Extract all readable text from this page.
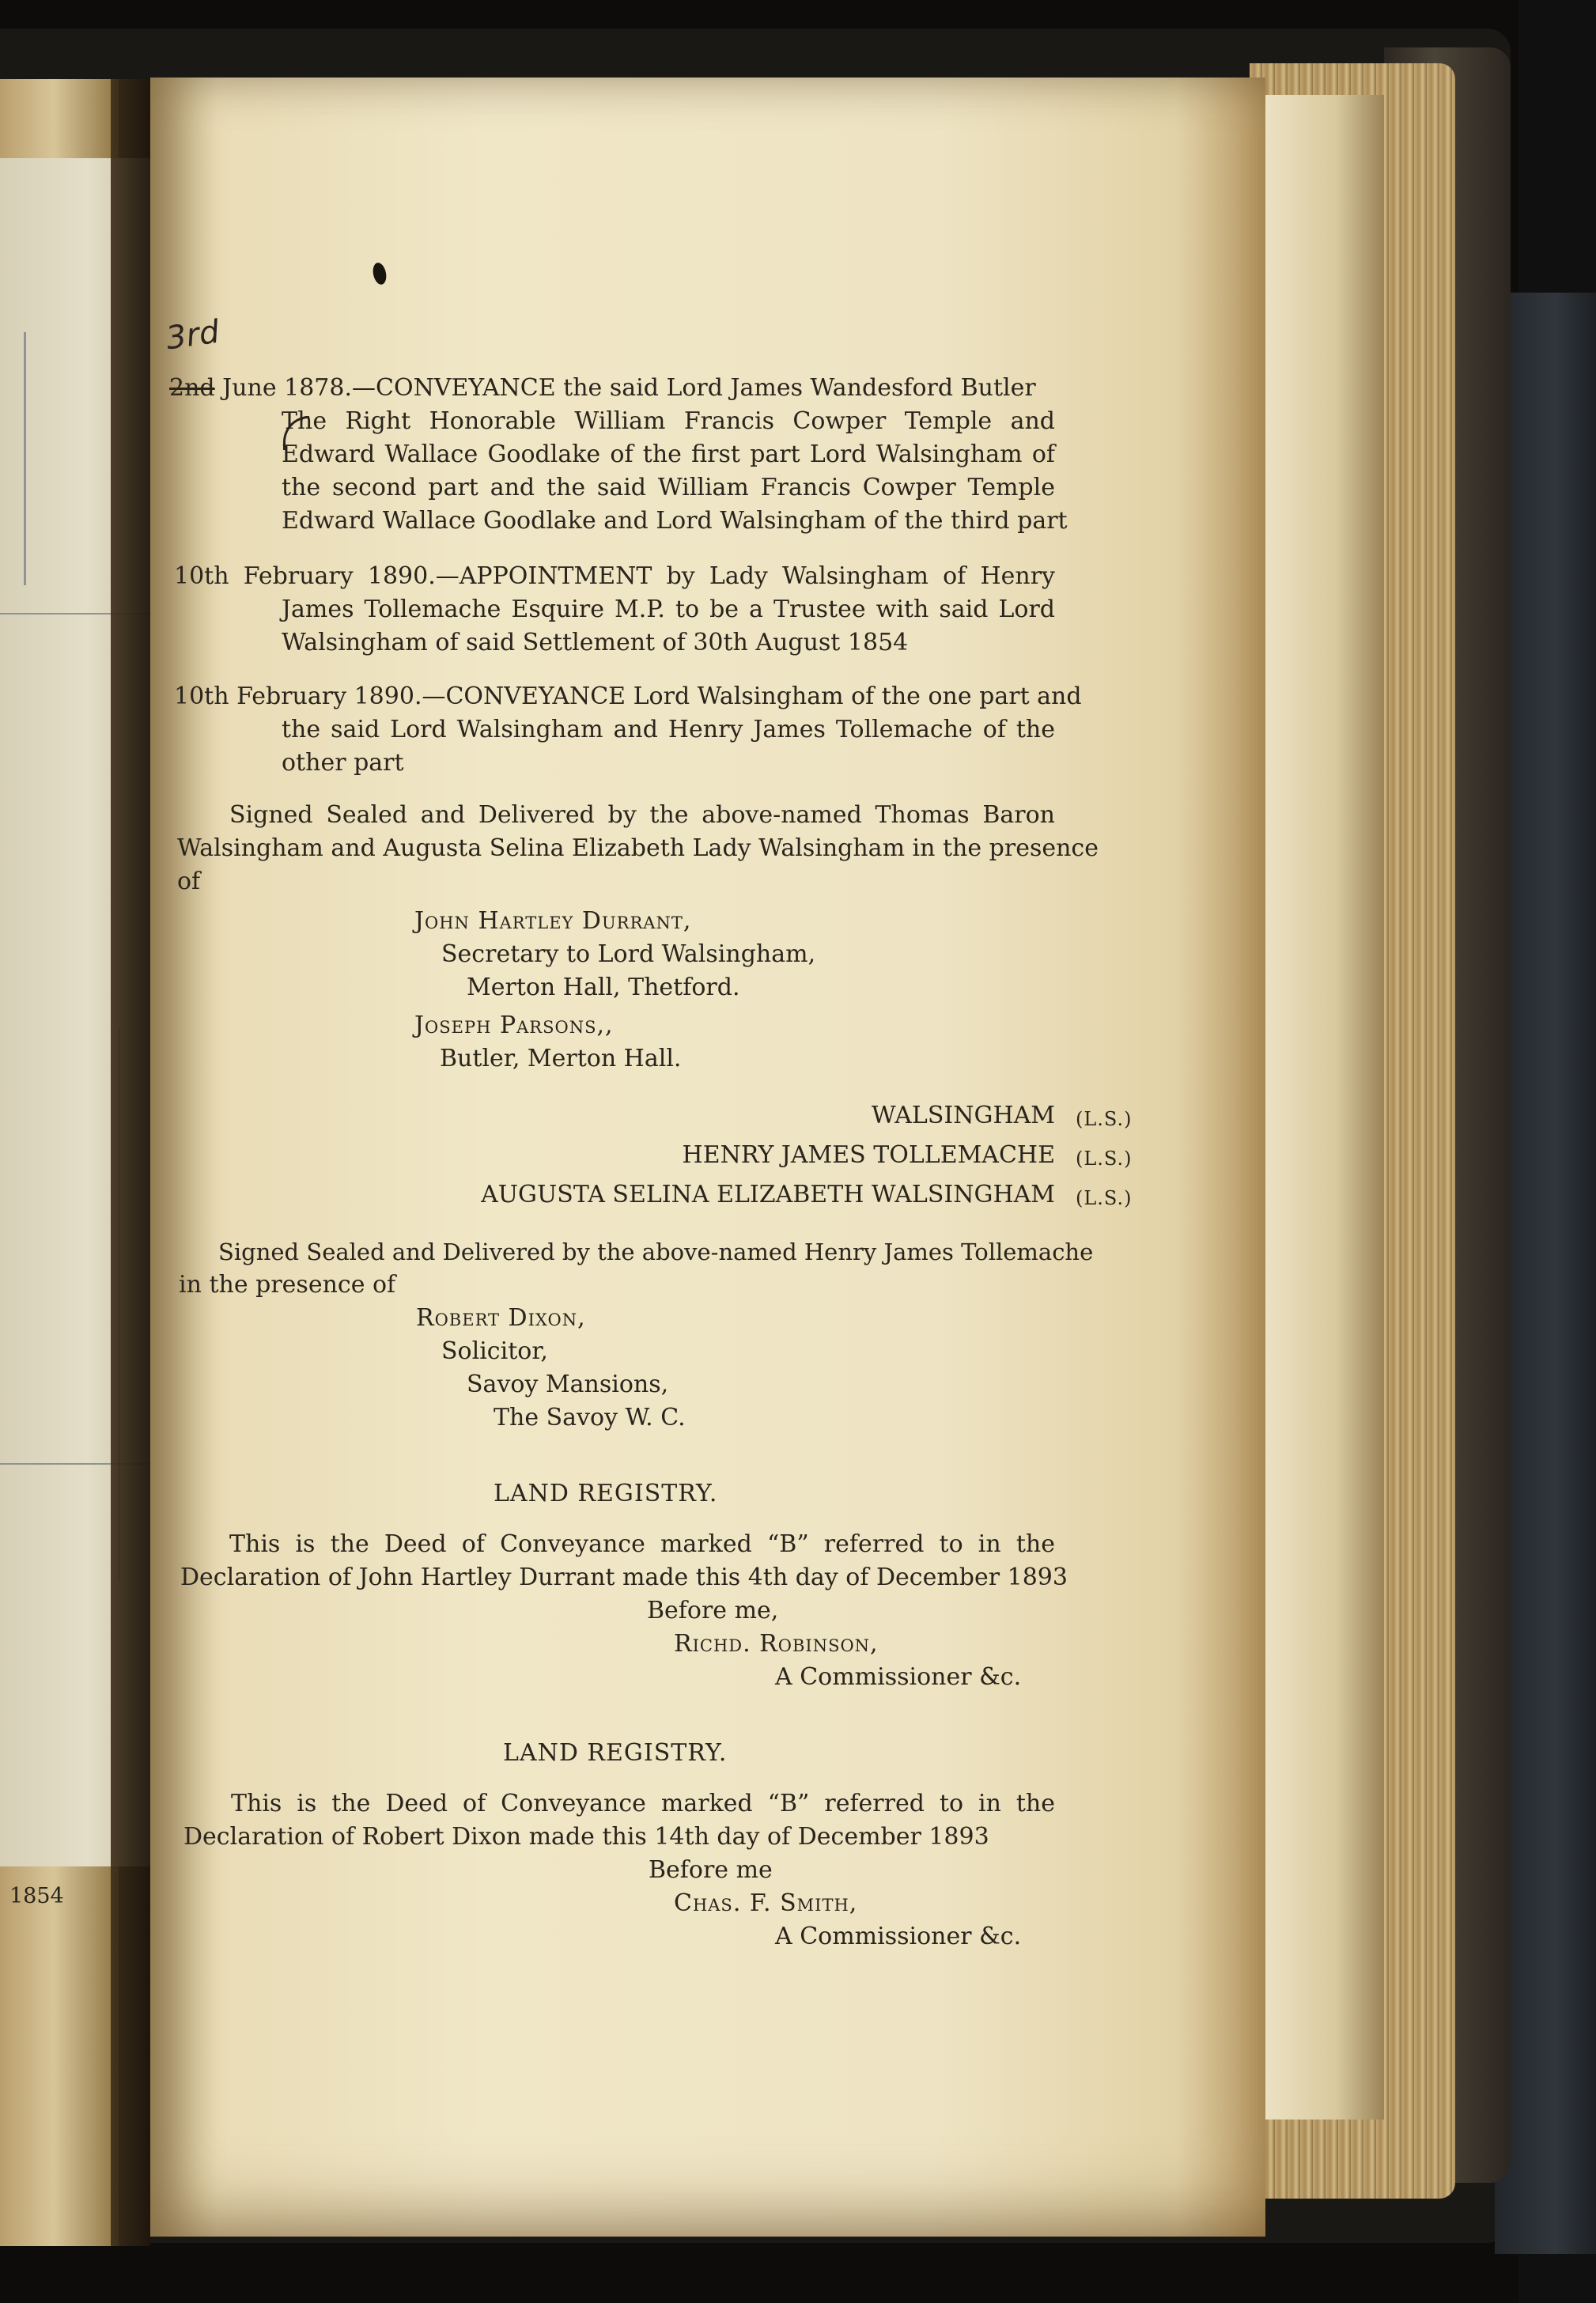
1854
3rd
2nd June 1878.—CONVEYANCE the said Lord James Wandesford Butler
The Right Honorable William Francis Cowper Temple and
Edward Wallace Goodlake of the first part Lord Walsingham of
the second part and the said William Francis Cowper Temple
Edward Wallace Goodlake and Lord Walsingham of the third part
10th February 1890.—APPOINTMENT by Lady Walsingham of Henry
James Tollemache Esquire M.P. to be a Trustee with said Lord
Walsingham of said Settlement of 30th August 1854
10th February 1890.—CONVEYANCE Lord Walsingham of the one part and
the said Lord Walsingham and Henry James Tollemache of the
other part
Signed Sealed and Delivered by the above-named Thomas Baron
Walsingham and Augusta Selina Elizabeth Lady Walsingham in the presence
of
John Hartley Durrant,
Secretary to Lord Walsingham,
Merton Hall, Thetford.
Joseph Parsons,,
Butler, Merton Hall.
WALSINGHAM (L.S.)
HENRY JAMES TOLLEMACHE (L.S.)
AUGUSTA SELINA ELIZABETH WALSINGHAM (L.S.)
Signed Sealed and Delivered by the above-named Henry James Tollemache
in the presence of
Robert Dixon,
Solicitor,
Savoy Mansions,
The Savoy W. C.
LAND REGISTRY.
This is the Deed of Conveyance marked “B” referred to in the
Declaration of John Hartley Durrant made this 4th day of December 1893
Before me,
Richd. Robinson,
A Commissioner &c.
LAND REGISTRY.
This is the Deed of Conveyance marked “B” referred to in the
Declaration of Robert Dixon made this 14th day of December 1893
Before me
Chas. F. Smith,
A Commissioner &c.
